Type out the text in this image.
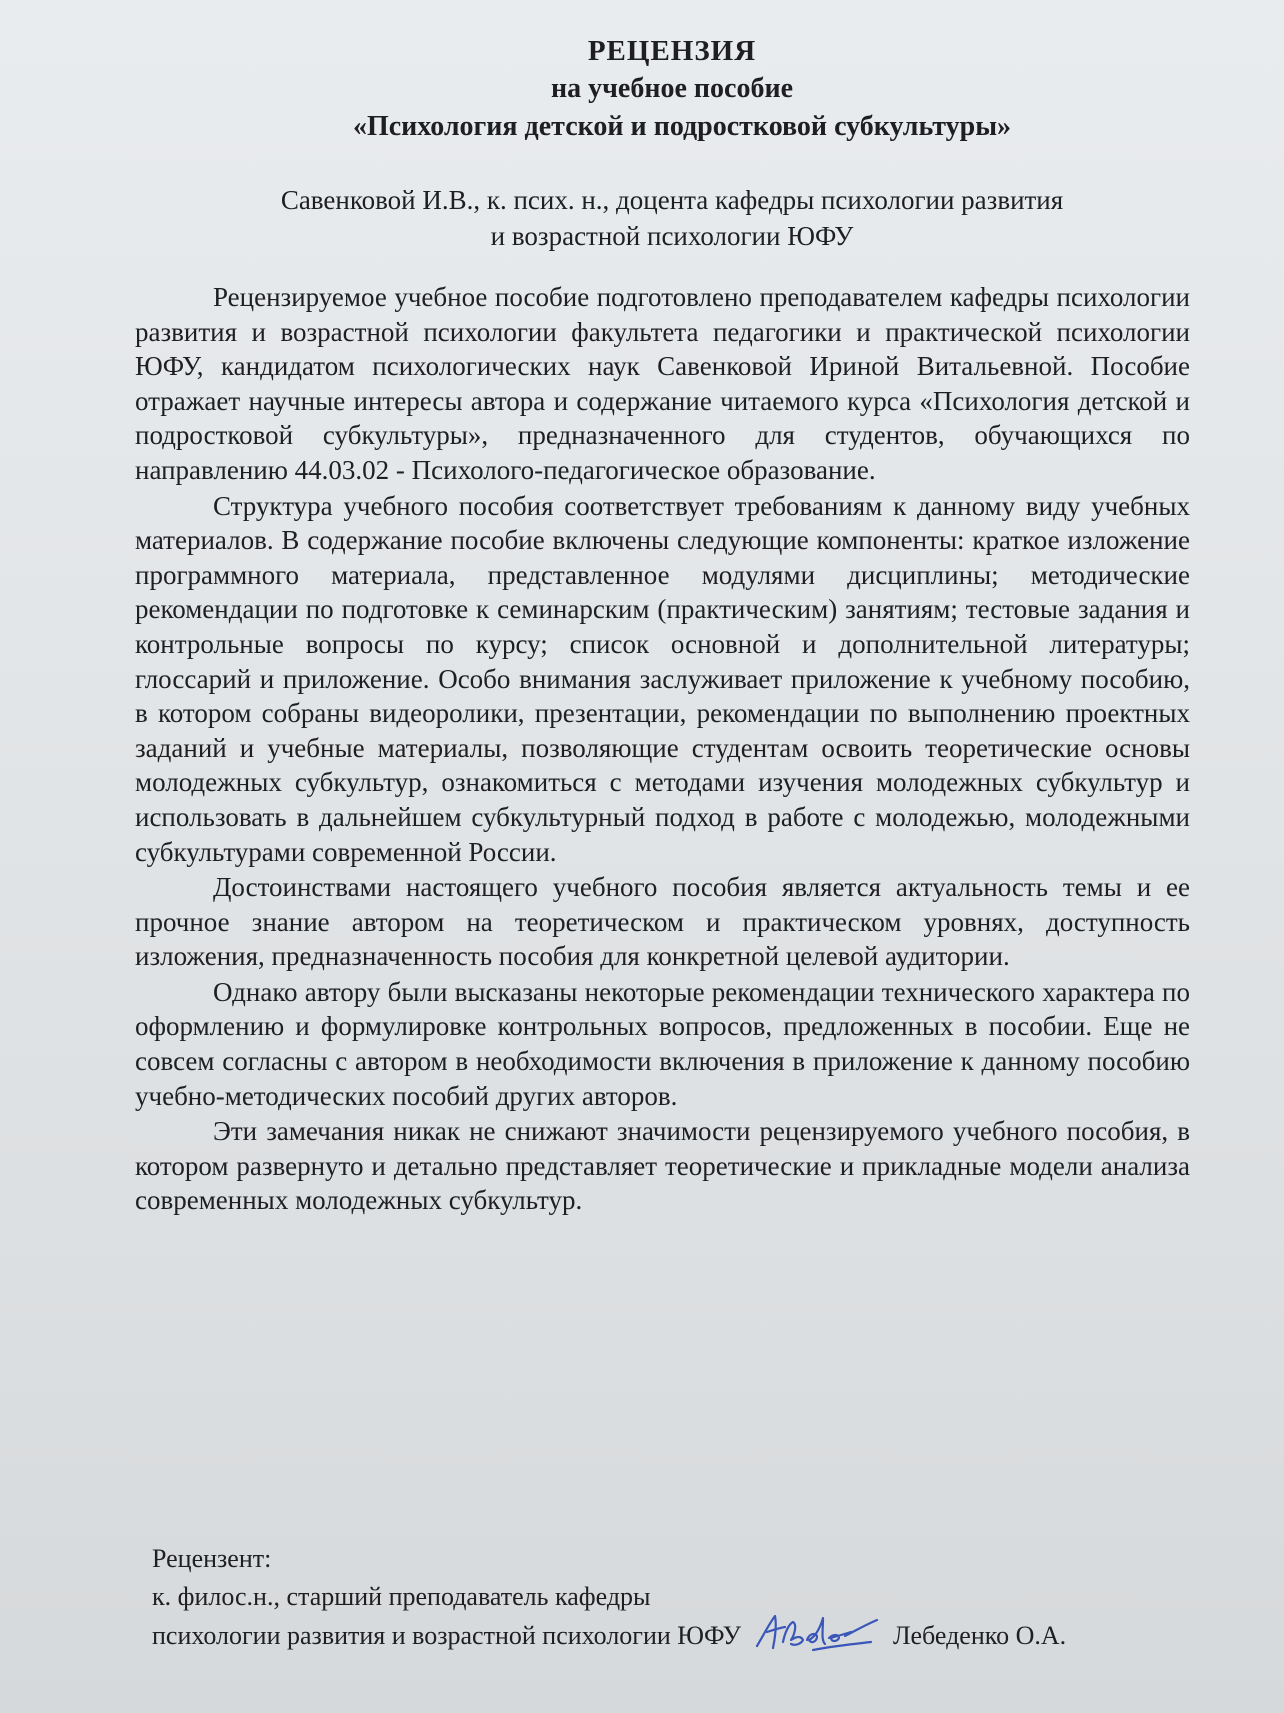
РЕЦЕНЗИЯ
на учебное пособие
«Психология детской и подростковой субкультуры»
Савенковой И.В., к. псих. н., доцента кафедры психологии развития
и возрастной психологии ЮФУ

Рецензируемое учебное пособие подготовлено преподавателем кафедры психологии развития и возрастной психологии факультета педагогики и практической психологии ЮФУ, кандидатом психологических наук Савенковой Ириной Витальевной. Пособие отражает научные интересы автора и содержание читаемого курса «Психология детской и подростковой субкультуры», предназначенного для студентов, обучающихся по направлению 44.03.02 - Психолого-педагогическое образование.

Структура учебного пособия соответствует требованиям к данному виду учебных материалов. В содержание пособие включены следующие компоненты: краткое изложение программного материала, представленное модулями дисциплины; методические рекомендации по подготовке к семинарским (практическим) занятиям; тестовые задания и контрольные вопросы по курсу; список основной и дополнительной литературы; глоссарий и приложение. Особо внимания заслуживает приложение к учебному пособию, в котором собраны видеоролики, презентации, рекомендации по выполнению проектных заданий и учебные материалы, позволяющие студентам освоить теоретические основы молодежных субкультур, ознакомиться с методами изучения молодежных субкультур и использовать в дальнейшем субкультурный подход в работе с молодежью, молодежными субкультурами современной России.

Достоинствами настоящего учебного пособия является актуальность темы и ее прочное знание автором на теоретическом и практическом уровнях, доступность изложения, предназначенность пособия для конкретной целевой аудитории.

Однако автору были высказаны некоторые рекомендации технического характера по оформлению и формулировке контрольных вопросов, предложенных в пособии. Еще не совсем согласны с автором в необходимости включения в приложение к данному пособию учебно-методических пособий других авторов.

Эти замечания никак не снижают значимости рецензируемого учебного пособия, в котором развернуто и детально представляет теоретические и прикладные модели анализа современных молодежных субкультур.

Рецензент:
к. филос.н., старший преподаватель кафедры
психологии развития и возрастной психологии ЮФУ	Лебеденко О.А.
